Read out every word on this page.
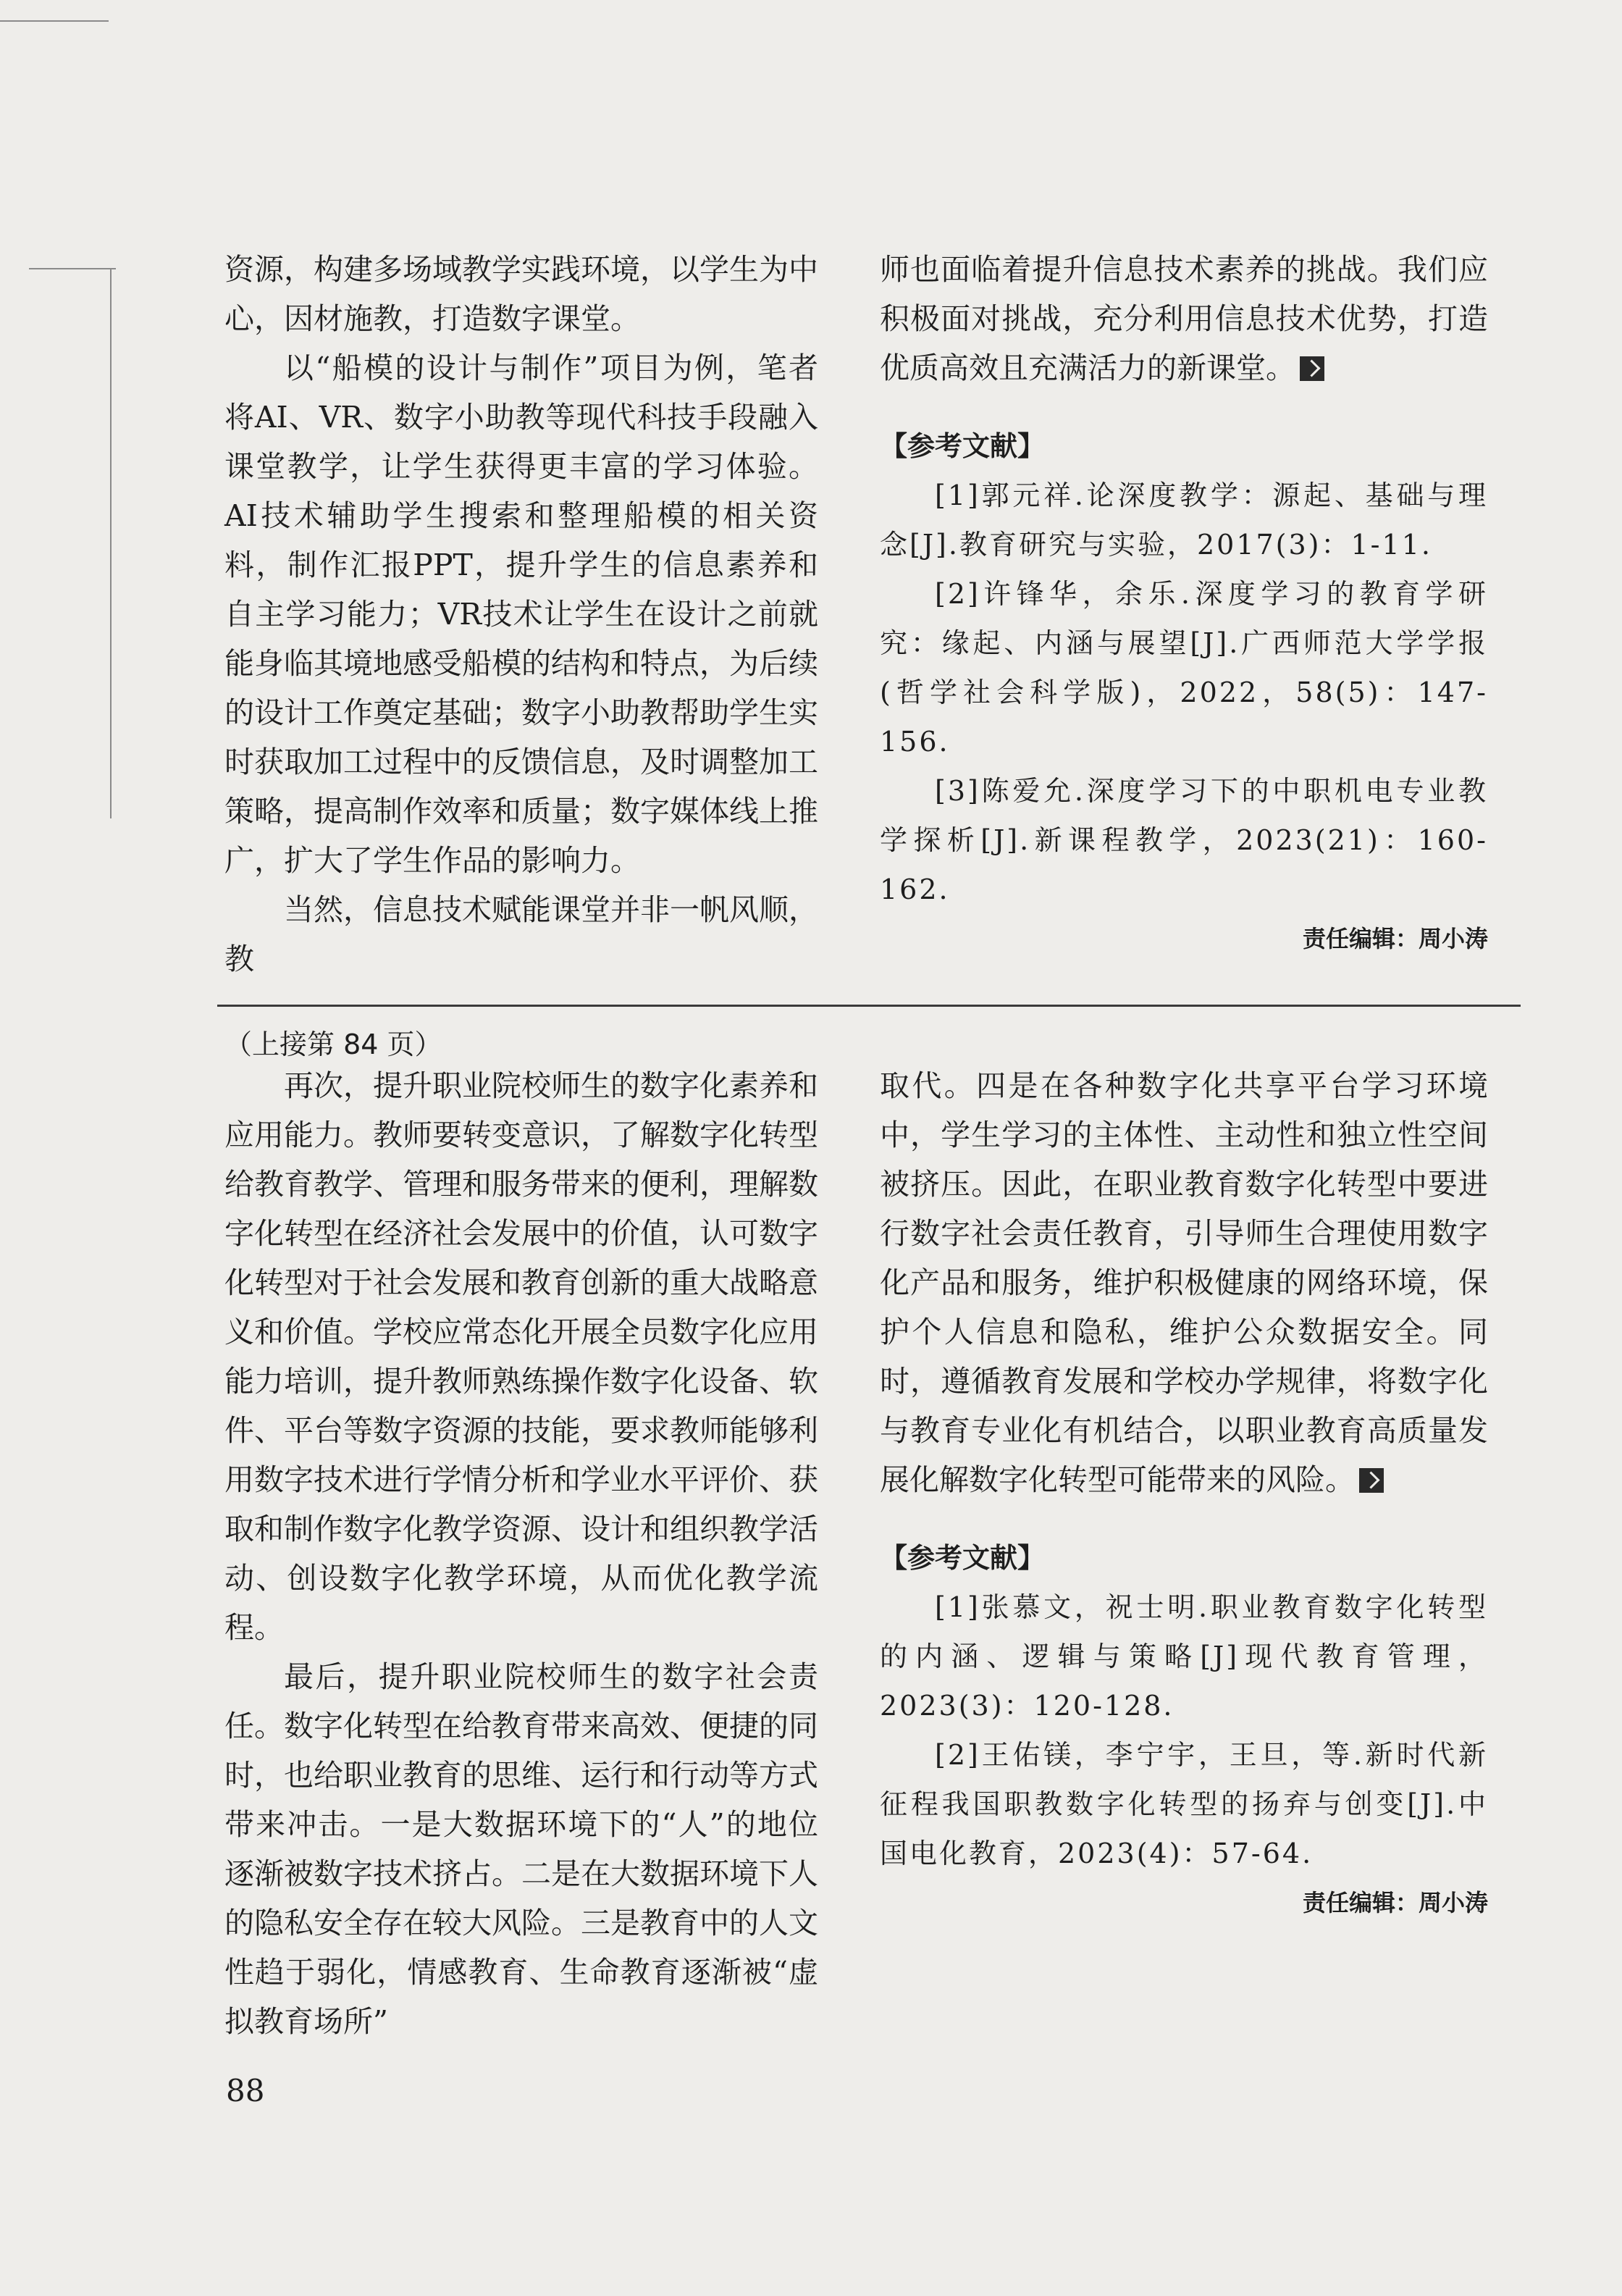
资源，构建多场域教学实践环境，以学生为中心，因材施教，打造数字课堂。

以“船模的设计与制作”项目为例，笔者将AI、VR、数字小助教等现代科技手段融入课堂教学，让学生获得更丰富的学习体验。AI技术辅助学生搜索和整理船模的相关资料，制作汇报PPT，提升学生的信息素养和自主学习能力；VR技术让学生在设计之前就能身临其境地感受船模的结构和特点，为后续的设计工作奠定基础；数字小助教帮助学生实时获取加工过程中的反馈信息，及时调整加工策略，提高制作效率和质量；数字媒体线上推广，扩大了学生作品的影响力。

当然，信息技术赋能课堂并非一帆风顺，教

师也面临着提升信息技术素养的挑战。我们应积极面对挑战，充分利用信息技术优势，打造优质高效且充满活力的新课堂。

【参考文献】

[1]郭元祥.论深度教学：源起、基础与理念[J].教育研究与实验，2017(3)：1-11.

[2]许锋华，余乐.深度学习的教育学研究：缘起、内涵与展望[J].广西师范大学学报(哲学社会科学版)，2022，58(5)：147-156.

[3]陈爱允.深度学习下的中职机电专业教学探析[J].新课程教学，2023(21)：160-162.

责任编辑：周小涛

（上接第 84 页）

再次，提升职业院校师生的数字化素养和应用能力。教师要转变意识，了解数字化转型给教育教学、管理和服务带来的便利，理解数字化转型在经济社会发展中的价值，认可数字化转型对于社会发展和教育创新的重大战略意义和价值。学校应常态化开展全员数字化应用能力培训，提升教师熟练操作数字化设备、软件、平台等数字资源的技能，要求教师能够利用数字技术进行学情分析和学业水平评价、获取和制作数字化教学资源、设计和组织教学活动、创设数字化教学环境，从而优化教学流程。

最后，提升职业院校师生的数字社会责任。数字化转型在给教育带来高效、便捷的同时，也给职业教育的思维、运行和行动等方式带来冲击。一是大数据环境下的“人”的地位逐渐被数字技术挤占。二是在大数据环境下人的隐私安全存在较大风险。三是教育中的人文性趋于弱化，情感教育、生命教育逐渐被“虚拟教育场所”

取代。四是在各种数字化共享平台学习环境中，学生学习的主体性、主动性和独立性空间被挤压。因此，在职业教育数字化转型中要进行数字社会责任教育，引导师生合理使用数字化产品和服务，维护积极健康的网络环境，保护个人信息和隐私，维护公众数据安全。同时，遵循教育发展和学校办学规律，将数字化与教育专业化有机结合，以职业教育高质量发展化解数字化转型可能带来的风险。

【参考文献】

[1]张慕文，祝士明.职业教育数字化转型的内涵、逻辑与策略[J]现代教育管理，2023(3)：120-128.

[2]王佑镁，李宁宇，王旦，等.新时代新征程我国职教数字化转型的扬弃与创变[J].中国电化教育，2023(4)：57-64.

责任编辑：周小涛

88
